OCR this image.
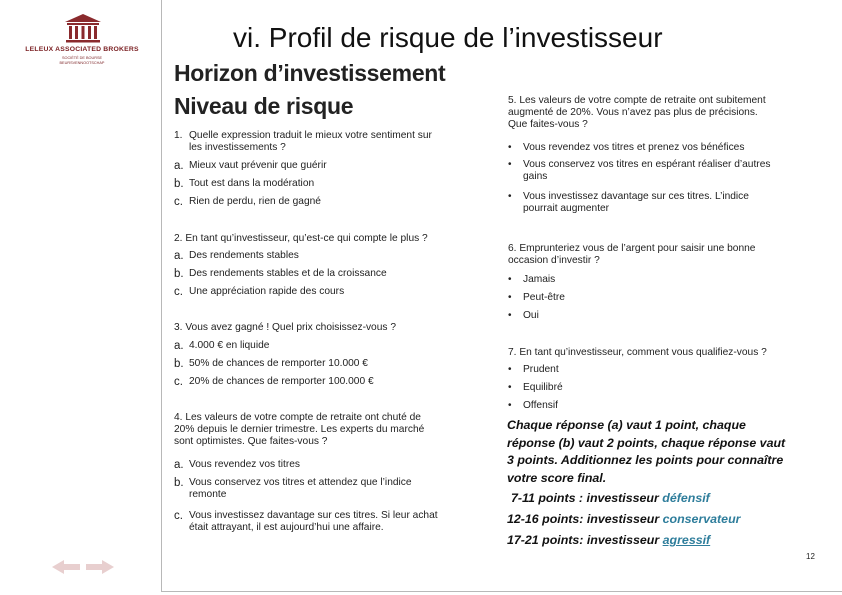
LELEUX ASSOCIATED BROKERS
SOCIÉTÉ DE BOURSE
BEURSVENNOOTSCHAP
vi. Profil de risque de l’investisseur
Horizon d’investissement
Niveau de risque
1. Quelle expression traduit le mieux votre sentiment sur
les investissements ?
a. Mieux vaut prévenir que guérir
b. Tout est dans la modération
c. Rien de perdu, rien de gagné
2. En tant qu’investisseur, qu’est-ce qui compte le plus ?
a. Des rendements stables
b. Des rendements stables et de la croissance
c. Une appréciation rapide des cours
3. Vous avez gagné ! Quel prix choisissez-vous ?
a. 4.000 € en liquide
b. 50% de chances de remporter 10.000 €
c. 20% de chances de remporter 100.000 €
4. Les valeurs de votre compte de retraite ont chuté de
20% depuis le dernier trimestre. Les experts du marché
sont optimistes. Que faites-vous ?
a. Vous revendez vos titres
b. Vous conservez vos titres et attendez que l’indice
remonte
c. Vous investissez davantage sur ces titres. Si leur achat
était attrayant, il est aujourd’hui une affaire.
5. Les valeurs de votre compte de retraite ont subitement
augmenté de 20%. Vous n’avez pas plus de précisions.
Que faites-vous ?
• Vous revendez vos titres et prenez vos bénéfices
• Vous conservez vos titres en espérant réaliser d’autres
gains
• Vous investissez davantage sur ces titres. L’indice
pourrait augmenter
6. Emprunteriez vous de l’argent pour saisir une bonne
occasion d’investir ?
• Jamais
• Peut-être
• Oui
7. En tant qu’investisseur, comment vous qualifiez-vous ?
• Prudent
• Equilibré
• Offensif
Chaque réponse (a) vaut 1 point, chaque
réponse (b) vaut 2 points, chaque réponse vaut
3 points. Additionnez les points pour connaître
votre score final.
7-11 points : investisseur défensif
12-16 points: investisseur conservateur
17-21 points: investisseur agressif
12
